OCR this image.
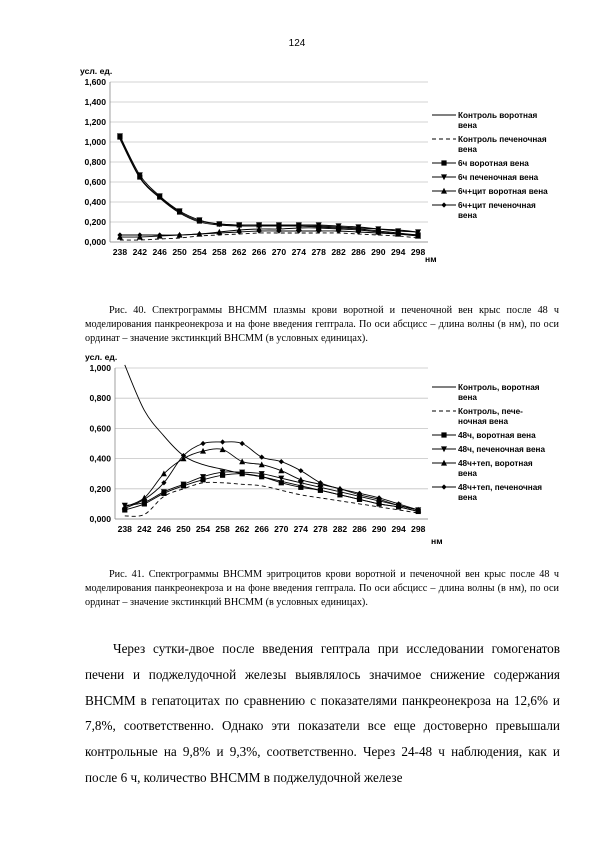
124
0,000
0,200
0,400
0,600
0,800
1,000
1,200
1,400
1,600
238 242 246 250 254 258 262 266 270 274 278 282 286 290 294 298
усл. ед.
нм
Контроль воротная
вена
Контроль печеночная
вена
6ч воротная вена
6ч печеночная вена
6ч+цит воротная вена
6ч+цит печеночная
вена

Рис. 40. Спектрограммы ВНСММ плазмы крови воротной и печеночной вен крыс после 48 ч моделирования панкреонекроза и на фоне введения гептрала. По оси абсцисс – длина волны (в нм), по оси ординат – значение экстинкций ВНСММ (в условных единицах).

0,000
0,200
0,400
0,600
0,800
1,000
238 242 246 250 254 258 262 266 270 274 278 282 286 290 294 298
усл. ед.
нм
Контроль, воротная
вена
Контроль, пече-
ночная вена
48ч, воротная вена
48ч, печеночная вена
48ч+теп, воротная
вена
48ч+теп, печеночная
вена

Рис. 41. Спектрограммы ВНСММ эритроцитов крови воротной и печеночной вен крыс после 48 ч моделирования панкреонекроза и на фоне введения гептрала. По оси абсцисс – длина волны (в нм), по оси ординат – значение экстинкций ВНСММ (в условных единицах).

Через сутки-двое после введения гептрала при исследовании гомогенатов печени и поджелудочной железы выявлялось значимое снижение содержания ВНСММ в гепатоцитах по сравнению с показателями панкреонекроза на 12,6% и 7,8%, соответственно. Однако эти показатели все еще достоверно превышали контрольные на 9,8% и 9,3%, соответственно. Через 24-48 ч наблюдения, как и после 6 ч, количество ВНСММ в поджелудочной железе
